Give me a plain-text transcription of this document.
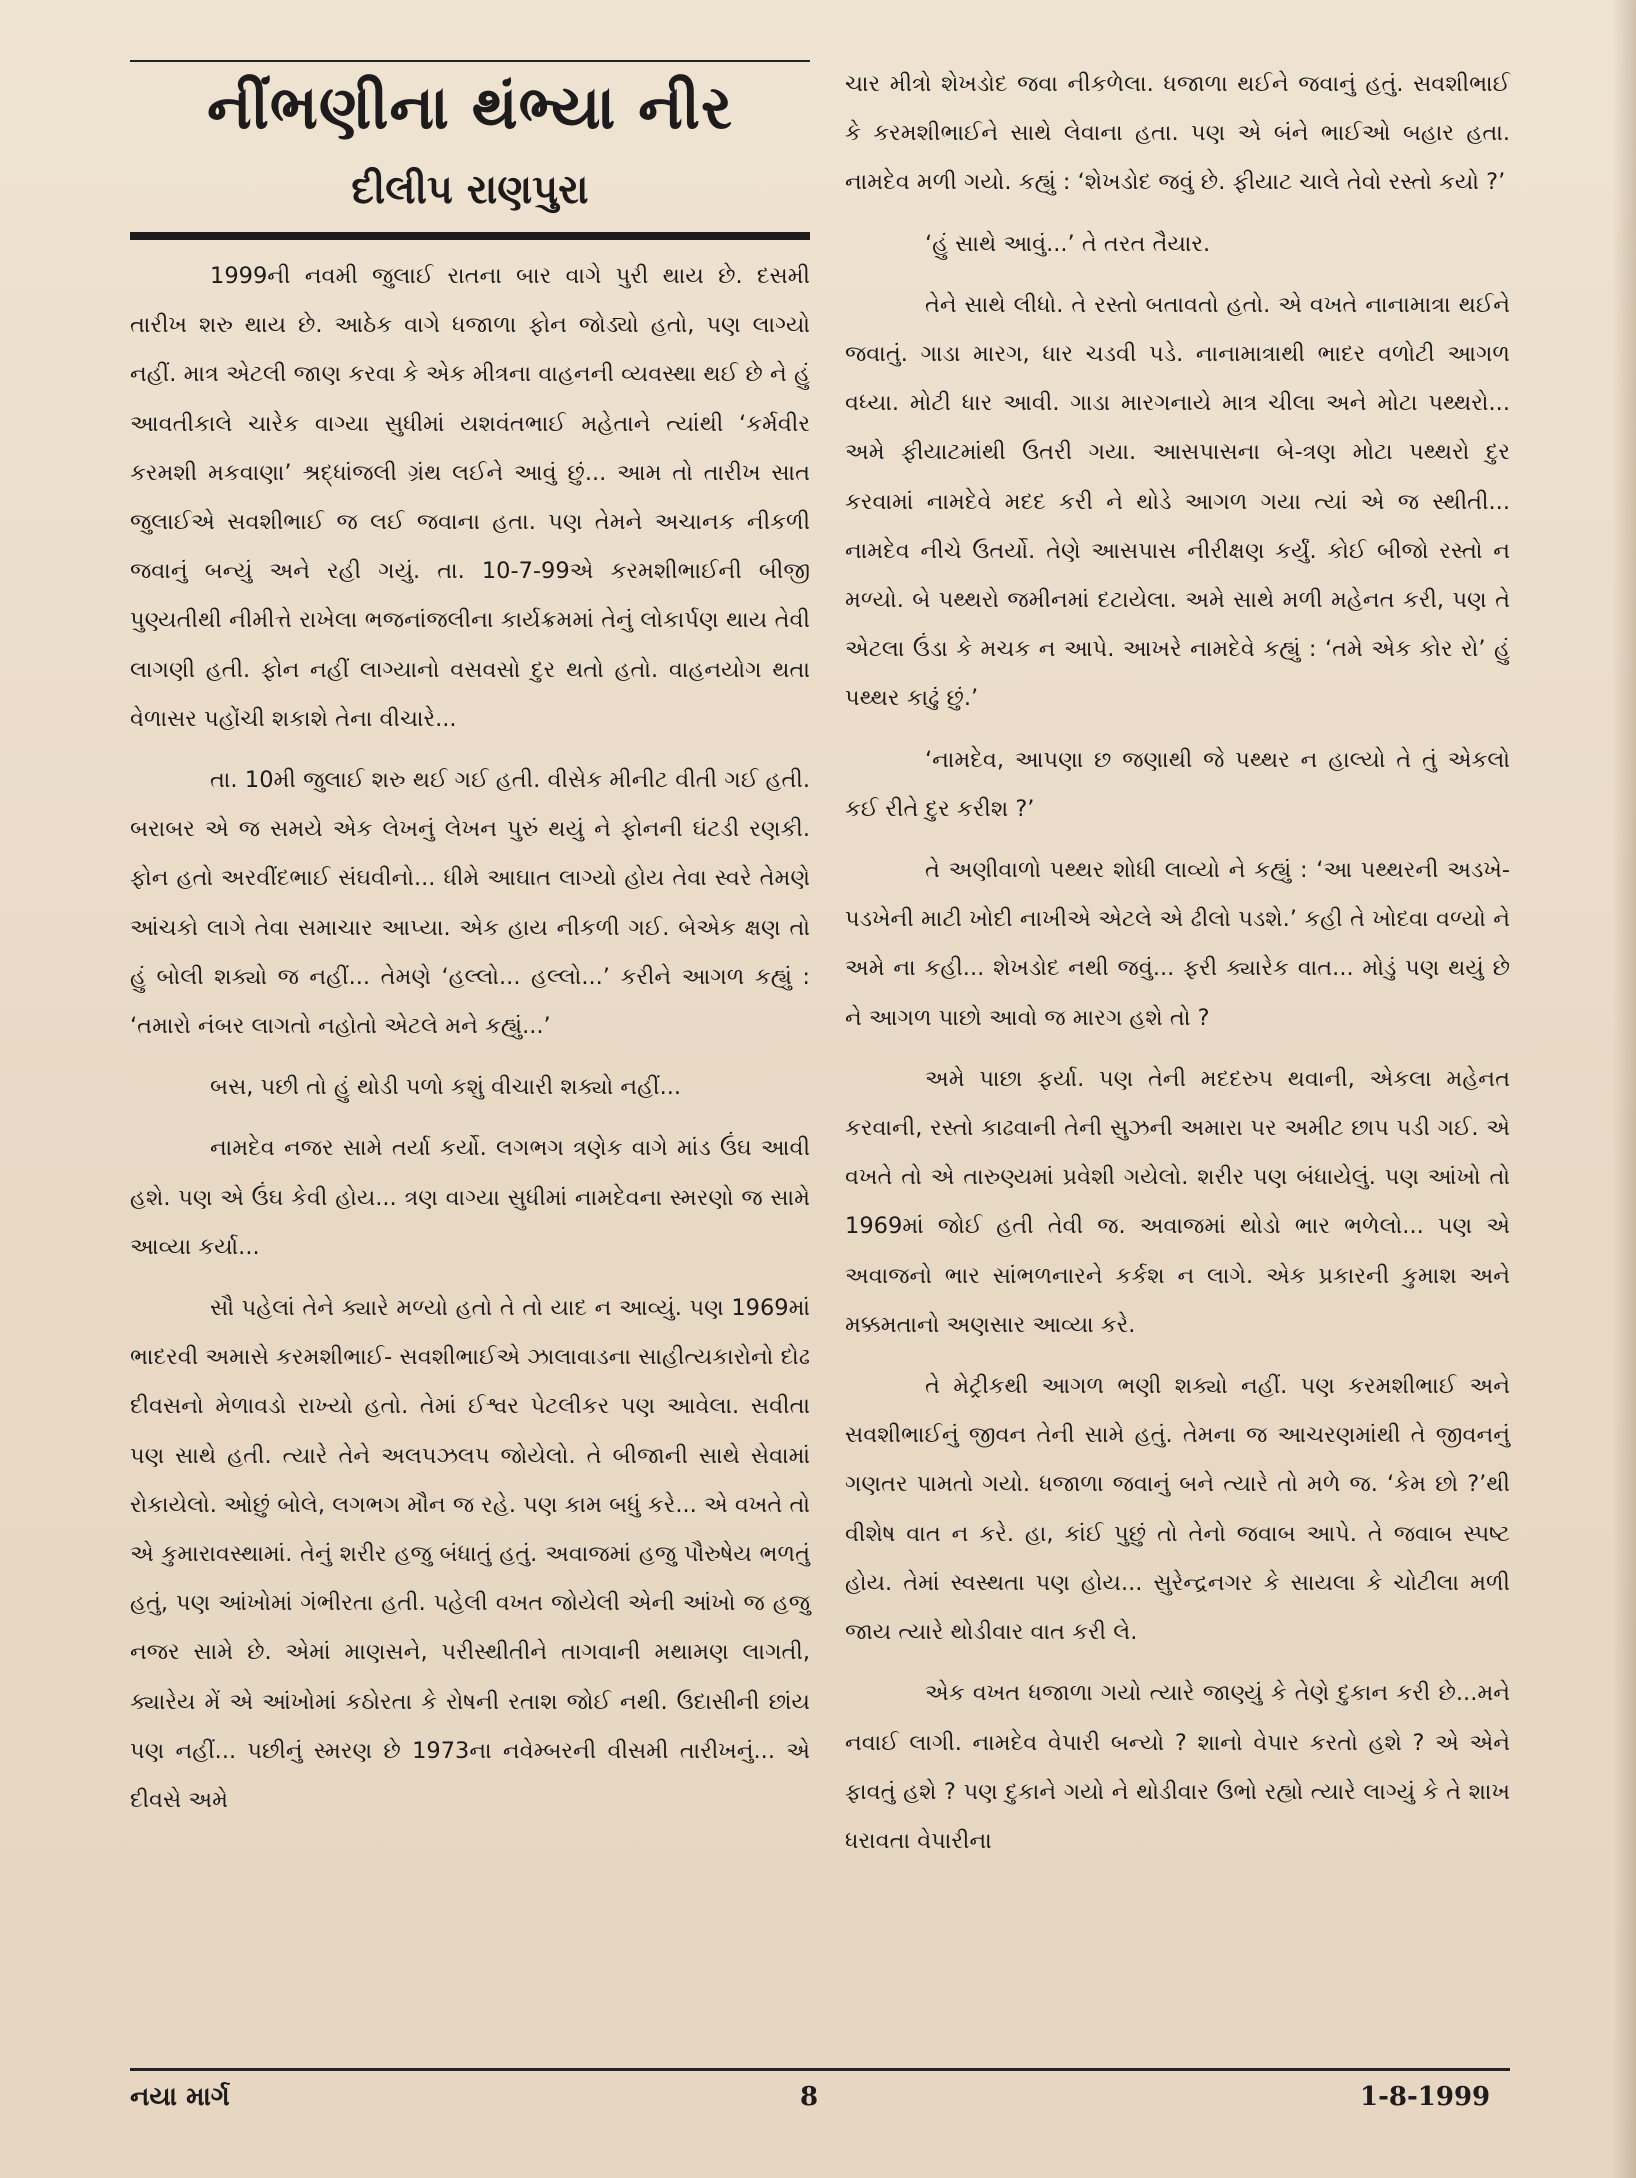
નીંભણીના થંભ્યા નીર
દીલીપ રાણપુરા

1999ની નવમી જુલાઈ રાતના બાર વાગે પુરી થાય છે. દસમી તારીખ શરુ થાય છે. આઠેક વાગે ધજાળા ફોન જોડ્યો હતો, પણ લાગ્યો નહીં. માત્ર એટલી જાણ કરવા કે એક મીત્રના વાહનની વ્યવસ્થા થઈ છે ને હું આવતીકાલે ચારેક વાગ્યા સુધીમાં યશવંતભાઈ મહેતાને ત્યાંથી ‘કર્મવીર કરમશી મકવાણા’ શ્રદ્ધાંજલી ગ્રંથ લઈને આવું છું... આમ તો તારીખ સાત જુલાઈએ સવશીભાઈ જ લઈ જવાના હતા. પણ તેમને અચાનક નીકળી જવાનું બન્યું અને રહી ગયું. તા. 10-7-99એ કરમશીભાઈની બીજી પુણ્યતીથી નીમીત્તે રાખેલા ભજનાંજલીના કાર્યક્રમમાં તેનું લોકાર્પણ થાય તેવી લાગણી હતી. ફોન નહીં લાગ્યાનો વસવસો દુર થતો હતો. વાહનયોગ થતા વેળાસર પહોંચી શકાશે તેના વીચારે...

તા. 10મી જુલાઈ શરુ થઈ ગઈ હતી. વીસેક મીનીટ વીતી ગઈ હતી. બરાબર એ જ સમયે એક લેખનું લેખન પુરું થયું ને ફોનની ઘંટડી રણકી. ફોન હતો અરવીંદભાઈ સંઘવીનો... ધીમે આઘાત લાગ્યો હોય તેવા સ્વરે તેમણે આંચકો લાગે તેવા સમાચાર આપ્યા. એક હાય નીકળી ગઈ. બેએક ક્ષણ તો હું બોલી શક્યો જ નહીં... તેમણે ‘હલ્લો... હલ્લો...’ કરીને આગળ કહ્યું : ‘તમારો નંબર લાગતો નહોતો એટલે મને કહ્યું...’

બસ, પછી તો હું થોડી પળો કશું વીચારી શક્યો નહીં...

નામદેવ નજર સામે તર્યા કર્યો. લગભગ ત્રણેક વાગે માંડ ઉંઘ આવી હશે. પણ એ ઉંઘ કેવી હોય... ત્રણ વાગ્યા સુધીમાં નામદેવના સ્મરણો જ સામે આવ્યા કર્યા...

સૌ પહેલાં તેને ક્યારે મળ્યો હતો તે તો યાદ ન આવ્યું. પણ 1969માં ભાદરવી અમાસે કરમશીભાઈ- સવશીભાઈએ ઝાલાવાડના સાહીત્યકારોનો દોઢ દીવસનો મેળાવડો રાખ્યો હતો. તેમાં ઈશ્વર પેટલીકર પણ આવેલા. સવીતા પણ સાથે હતી. ત્યારે તેને અલપઝલપ જોયેલો. તે બીજાની સાથે સેવામાં રોકાયેલો. ઓછું બોલે, લગભગ મૌન જ રહે. પણ કામ બધું કરે... એ વખતે તો એ કુમારાવસ્થામાં. તેનું શરીર હજુ બંધાતું હતું. અવાજમાં હજુ પૌરુષેય ભળતું હતું, પણ આંખોમાં ગંભીરતા હતી. પહેલી વખત જોયેલી એની આંખો જ હજુ નજર સામે છે. એમાં માણસને, પરીસ્થીતીને તાગવાની મથામણ લાગતી, ક્યારેય મેં એ આંખોમાં કઠોરતા કે રોષની રતાશ જોઈ નથી. ઉદાસીની છાંય પણ નહીં... પછીનું સ્મરણ છે 1973ના નવેમ્બરની વીસમી તારીખનું... એ દીવસે અમે

ચાર મીત્રો શેખડોદ જવા નીકળેલા. ધજાળા થઈને જવાનું હતું. સવશીભાઈ કે કરમશીભાઈને સાથે લેવાના હતા. પણ એ બંને ભાઈઓ બહાર હતા. નામદેવ મળી ગયો. કહ્યું : ‘શેખડોદ જવું છે. ફીયાટ ચાલે તેવો રસ્તો કયો ?’

‘હું સાથે આવું...’ તે તરત તૈયાર.

તેને સાથે લીધો. તે રસ્તો બતાવતો હતો. એ વખતે નાનામાત્રા થઈને જવાતું. ગાડા મારગ, ધાર ચડવી પડે. નાનામાત્રાથી ભાદર વળોટી આગળ વધ્યા. મોટી ધાર આવી. ગાડા મારગનાયે માત્ર ચીલા અને મોટા પથ્થરો... અમે ફીયાટમાંથી ઉતરી ગયા. આસપાસના બે-ત્રણ મોટા પથ્થરો દુર કરવામાં નામદેવે મદદ કરી ને થોડે આગળ ગયા ત્યાં એ જ સ્થીતી... નામદેવ નીચે ઉતર્યો. તેણે આસપાસ નીરીક્ષણ કર્યું. કોઈ બીજો રસ્તો ન મળ્યો. બે પથ્થરો જમીનમાં દટાયેલા. અમે સાથે મળી મહેનત કરી, પણ તે એટલા ઉંડા કે મચક ન આપે. આખરે નામદેવે કહ્યું : ‘તમે એક કોર રો’ હું પથ્થર કાઢું છું.’

‘નામદેવ, આપણા છ જણાથી જે પથ્થર ન હાલ્યો તે તું એકલો કઈ રીતે દુર કરીશ ?’

તે અણીવાળો પથ્થર શોધી લાવ્યો ને કહ્યું : ‘આ પથ્થરની અડખે-પડખેની માટી ખોદી નાખીએ એટલે એ ઢીલો પડશે.’ કહી તે ખોદવા વળ્યો ને અમે ના કહી... શેખડોદ નથી જવું... ફરી ક્યારેક વાત... મોડું પણ થયું છે ને આગળ પાછો આવો જ મારગ હશે તો ?

અમે પાછા ફર્યા. પણ તેની મદદરુપ થવાની, એકલા મહેનત કરવાની, રસ્તો કાઢવાની તેની સુઝની અમારા પર અમીટ છાપ પડી ગઈ. એ વખતે તો એ તારુણ્યમાં પ્રવેશી ગયેલો. શરીર પણ બંધાયેલું. પણ આંખો તો 1969માં જોઈ હતી તેવી જ. અવાજમાં થોડો ભાર ભળેલો... પણ એ અવાજનો ભાર સાંભળનારને કર્કશ ન લાગે. એક પ્રકારની કુમાશ અને મક્કમતાનો અણસાર આવ્યા કરે.

તે મેટ્રીકથી આગળ ભણી શક્યો નહીં. પણ કરમશીભાઈ અને સવશીભાઈનું જીવન તેની સામે હતું. તેમના જ આચરણમાંથી તે જીવનનું ગણતર પામતો ગયો. ધજાળા જવાનું બને ત્યારે તો મળે જ. ‘કેમ છો ?’થી વીશેષ વાત ન કરે. હા, કાંઈ પુછું તો તેનો જવાબ આપે. તે જવાબ સ્પષ્ટ હોય. તેમાં સ્વસ્થતા પણ હોય... સુરેન્દ્રનગર કે સાયલા કે ચોટીલા મળી જાય ત્યારે થોડીવાર વાત કરી લે.

એક વખત ધજાળા ગયો ત્યારે જાણ્યું કે તેણે દુકાન કરી છે...મને નવાઈ લાગી. નામદેવ વેપારી બન્યો ? શાનો વેપાર કરતો હશે ? એ એને ફાવતું હશે ? પણ દુકાને ગયો ને થોડીવાર ઉભો રહ્યો ત્યારે લાગ્યું કે તે શાખ ધરાવતા વેપારીના

નયા માર્ગ	8	1-8-1999
